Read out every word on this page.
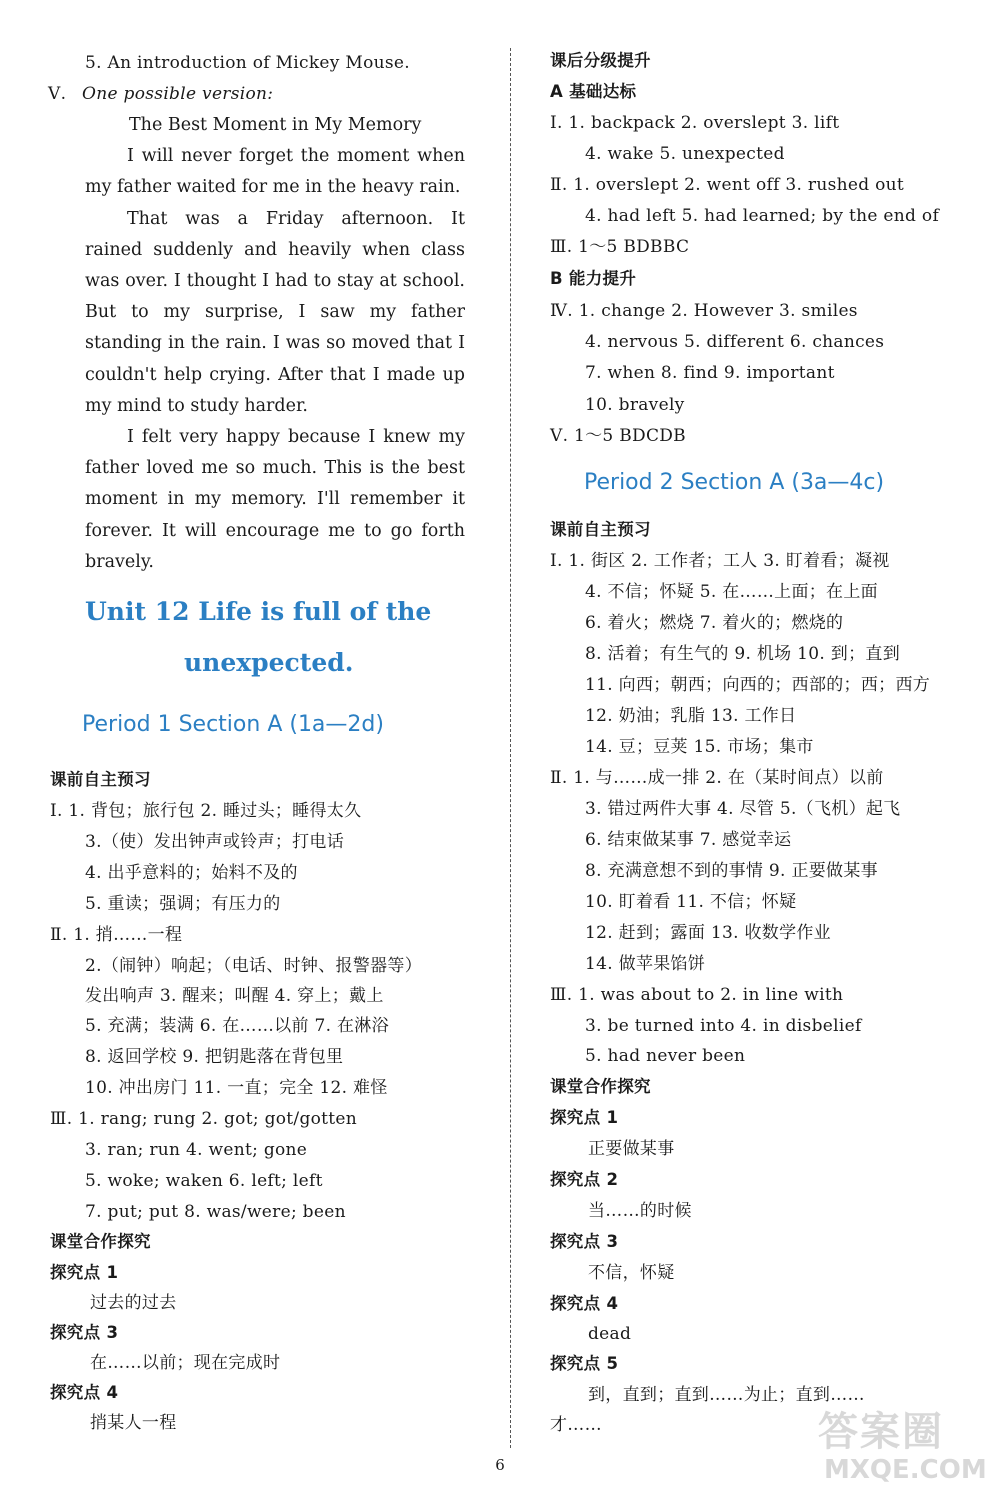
5. An introduction of Mickey Mouse.
Ⅴ. One possible version:

The Best Moment in My Memory

I will never forget the moment when my father waited for me in the heavy rain.

That was a Friday afternoon. It rained suddenly and heavily when class was over. I thought I had to stay at school. But to my surprise, I saw my father standing in the rain. I was so moved that I couldn't help crying. After that I made up my mind to study harder.

I felt very happy because I knew my father loved me so much. This is the best moment in my memory. I'll remember it forever. It will encourage me to go forth bravely.

Unit 12 Life is full of the
unexpected.
Period 1 Section A (1a—2d)
课前自主预习
Ⅰ. 1. 背包；旅行包 2. 睡过头；睡得太久
3.（使）发出钟声或铃声；打电话
4. 出乎意料的；始料不及的
5. 重读；强调；有压力的
Ⅱ. 1. 捎……一程
2.（闹钟）响起；（电话、时钟、报警器等）
发出响声 3. 醒来；叫醒 4. 穿上；戴上
5. 充满；装满 6. 在……以前 7. 在淋浴
8. 返回学校 9. 把钥匙落在背包里
10. 冲出房门 11. 一直；完全 12. 难怪
Ⅲ. 1. rang; rung 2. got; got/gotten
3. ran; run 4. went; gone
5. woke; waken 6. left; left
7. put; put 8. was/were; been
课堂合作探究
探究点 1
过去的过去
探究点 3
在……以前；现在完成时
探究点 4
捎某人一程
课后分级提升
A 基础达标
Ⅰ. 1. backpack 2. overslept 3. lift
4. wake 5. unexpected
Ⅱ. 1. overslept 2. went off 3. rushed out
4. had left 5. had learned; by the end of
Ⅲ. 1～5 BDBBC
B 能力提升
Ⅳ. 1. change 2. However 3. smiles
4. nervous 5. different 6. chances
7. when 8. find 9. important
10. bravely
Ⅴ. 1～5 BDCDB
Period 2 Section A (3a—4c)
课前自主预习
Ⅰ. 1. 街区 2. 工作者；工人 3. 盯着看；凝视
4. 不信；怀疑 5. 在……上面；在上面
6. 着火；燃烧 7. 着火的；燃烧的
8. 活着；有生气的 9. 机场 10. 到；直到
11. 向西；朝西；向西的；西部的；西；西方
12. 奶油；乳脂 13. 工作日
14. 豆；豆荚 15. 市场；集市
Ⅱ. 1. 与……成一排 2. 在（某时间点）以前
3. 错过两件大事 4. 尽管 5.（飞机）起飞
6. 结束做某事 7. 感觉幸运
8. 充满意想不到的事情 9. 正要做某事
10. 盯着看 11. 不信；怀疑
12. 赶到；露面 13. 收数学作业
14. 做苹果馅饼
Ⅲ. 1. was about to 2. in line with
3. be turned into 4. in disbelief
5. had never been
课堂合作探究
探究点 1
正要做某事
探究点 2
当……的时候
探究点 3
不信，怀疑
探究点 4
dead
探究点 5
到，直到；直到……为止；直到……
才……
6
答案圈
MXQE.COM
